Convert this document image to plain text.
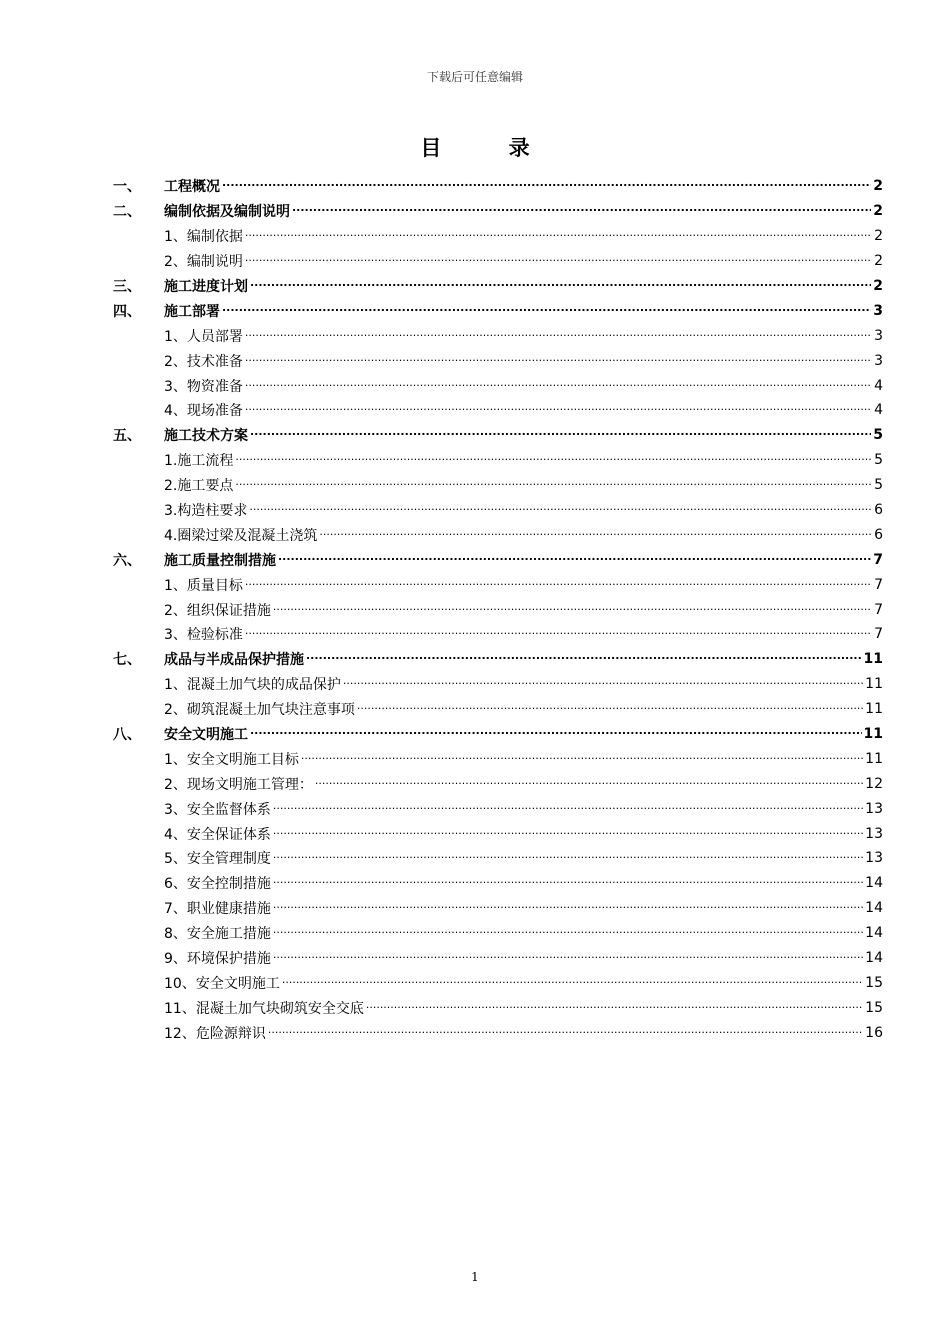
下载后可任意编辑
目 录
一、	工程概况 .....	2
二、	编制依据及编制说明 .....	2
1、编制依据 .....	2
2、编制说明 .....	2
三、	施工进度计划 .....	2
四、	施工部署 .....	3
1、人员部署 .....	3
2、技术准备 .....	3
3、物资准备 .....	4
4、现场准备 .....	4
五、	施工技术方案 .....	5
1.施工流程 .....	5
2.施工要点 .....	5
3.构造柱要求 .....	6
4.圈梁过梁及混凝土浇筑 .....	6
六、	施工质量控制措施 .....	7
1、质量目标 .....	7
2、组织保证措施 .....	7
3、检验标准 .....	7
七、	成品与半成品保护措施 .....	11
1、混凝土加气块的成品保护 .....	11
2、砌筑混凝土加气块注意事项 .....	11
八、	安全文明施工 .....	11
1、安全文明施工目标 .....	11
2、现场文明施工管理： .....	12
3、安全监督体系 .....	13
4、安全保证体系 .....	13
5、安全管理制度 .....	13
6、安全控制措施 .....	14
7、职业健康措施 .....	14
8、安全施工措施 .....	14
9、环境保护措施 .....	14
10、安全文明施工 .....	15
11、混凝土加气块砌筑安全交底 .....	15
12、危险源辩识 .....	16
1
